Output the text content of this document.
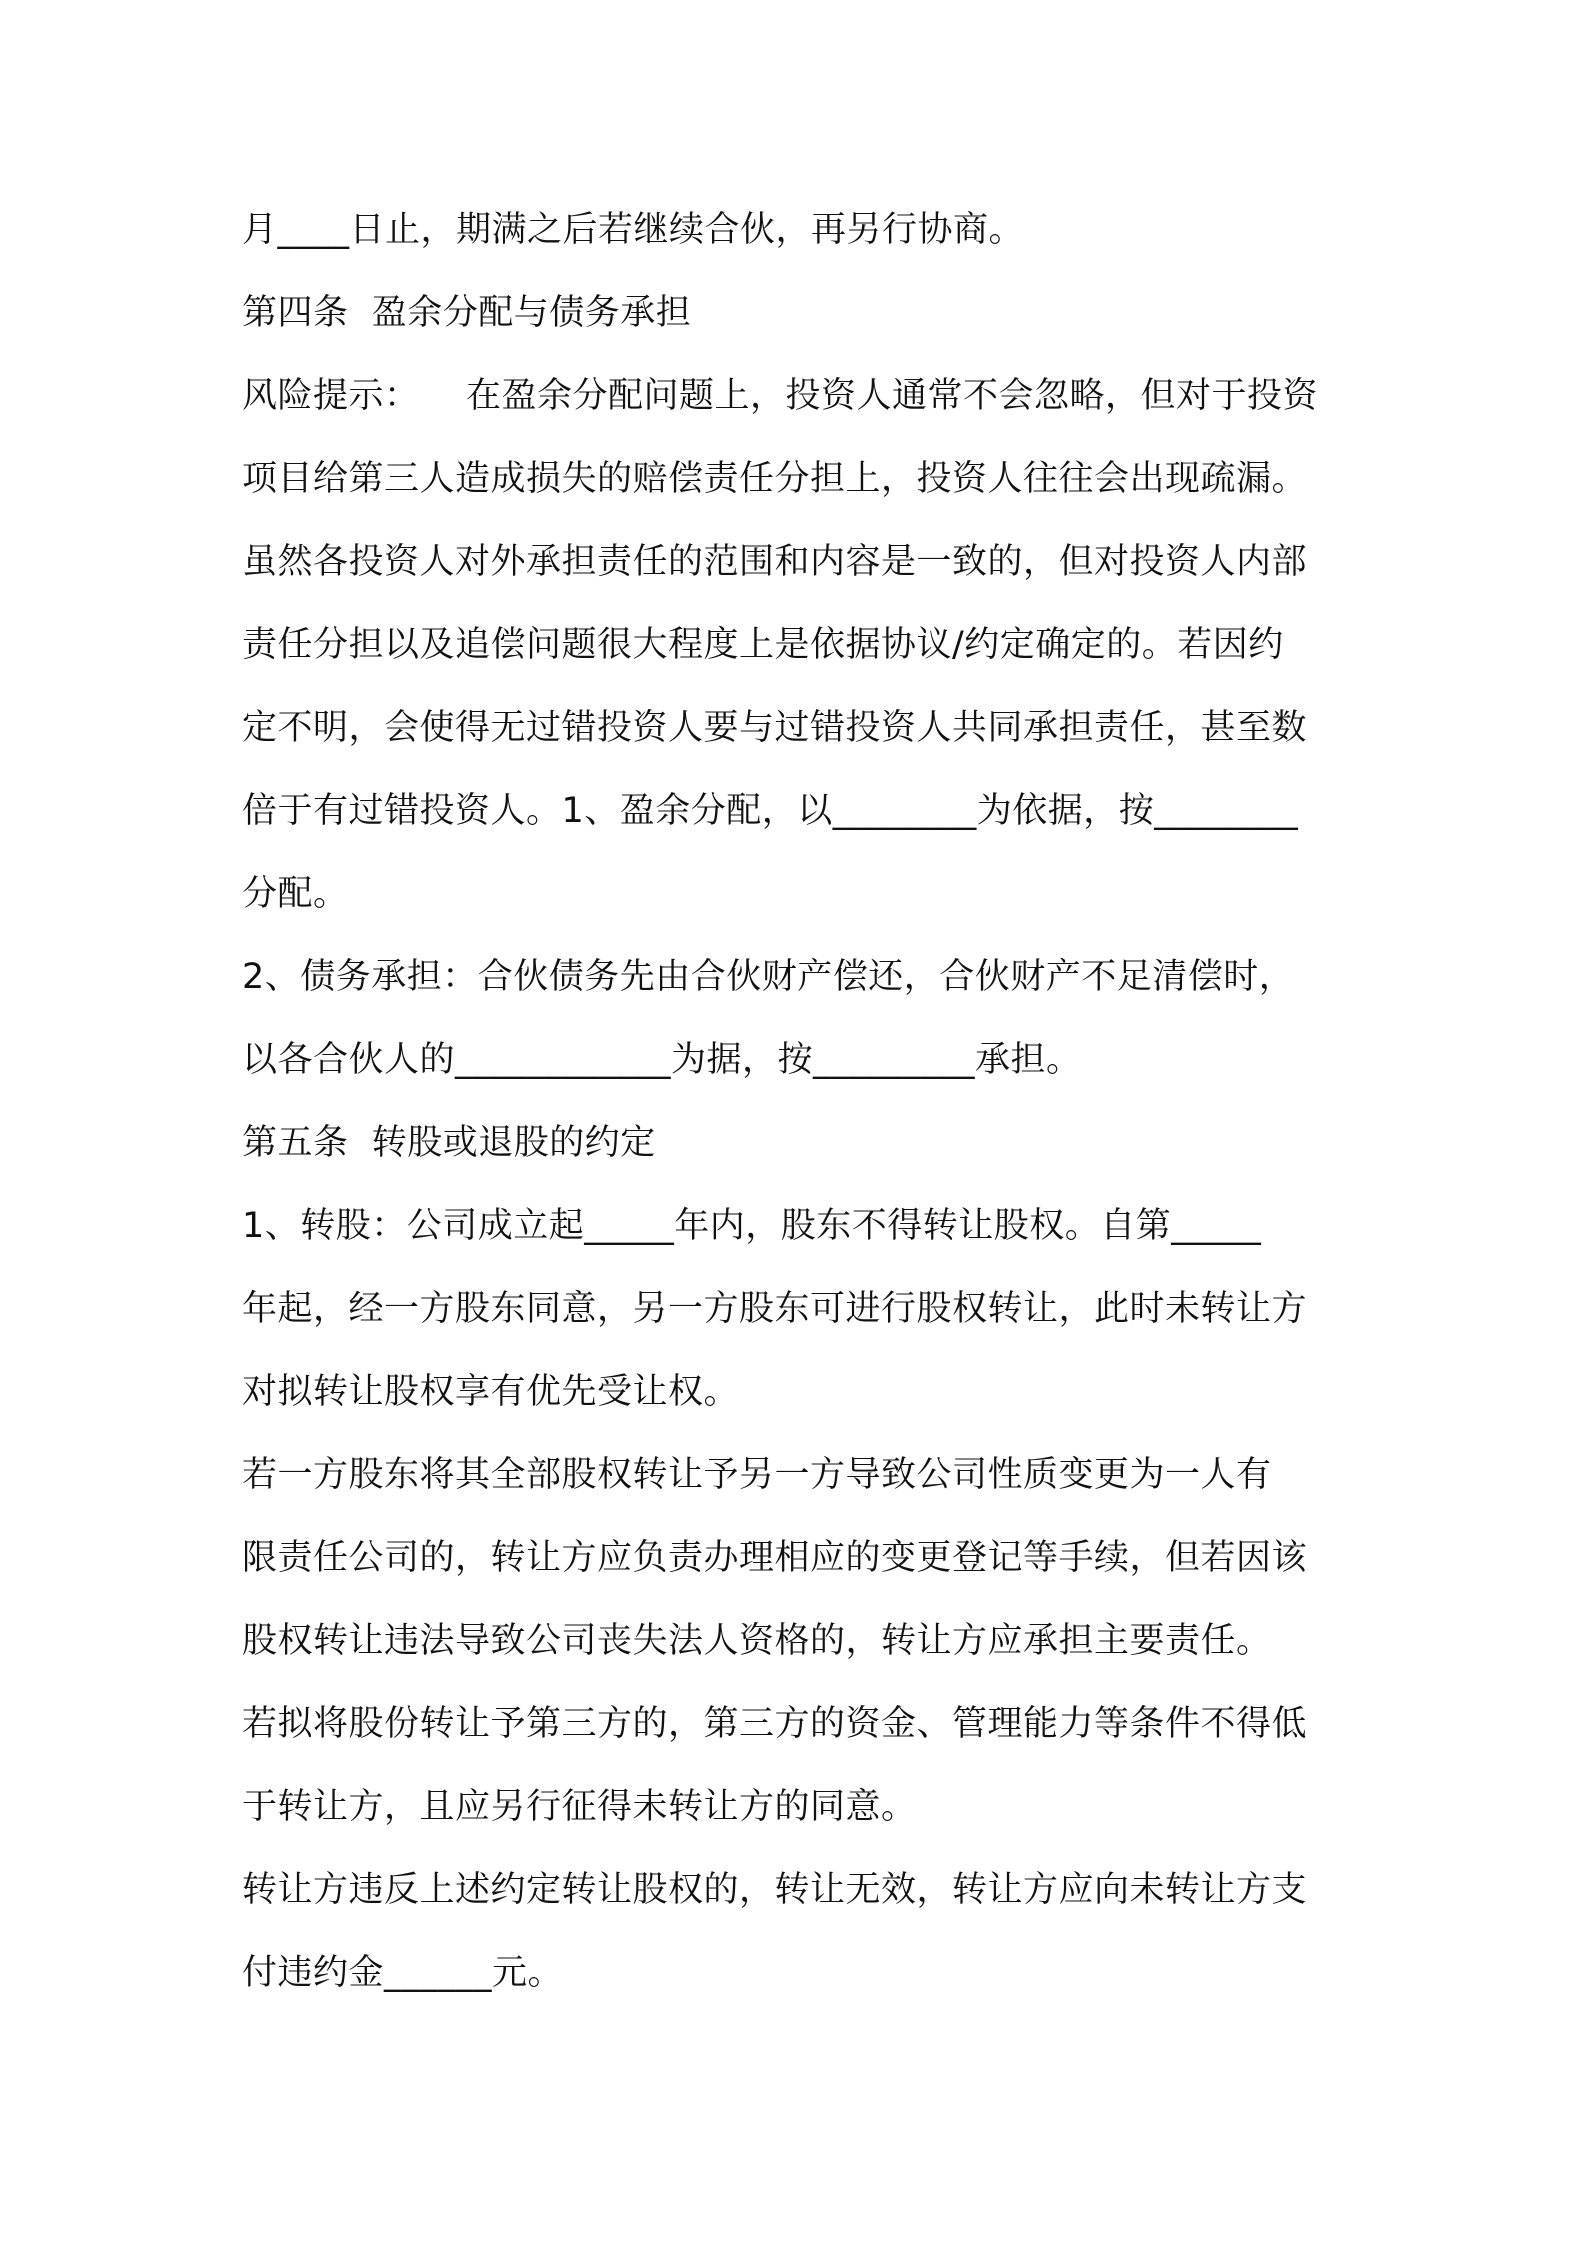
月____日止，期满之后若继续合伙，再另行协商。
第四条  盈余分配与债务承担
风险提示：    在盈余分配问题上，投资人通常不会忽略，但对于投资
项目给第三人造成损失的赔偿责任分担上，投资人往往会出现疏漏。
虽然各投资人对外承担责任的范围和内容是一致的，但对投资人内部
责任分担以及追偿问题很大程度上是依据协议/约定确定的。若因约
定不明，会使得无过错投资人要与过错投资人共同承担责任，甚至数
倍于有过错投资人。1、盈余分配，以________为依据，按________
分配。
2、债务承担：合伙债务先由合伙财产偿还，合伙财产不足清偿时，
以各合伙人的____________为据，按_________承担。
第五条  转股或退股的约定
1、转股：公司成立起_____年内，股东不得转让股权。自第_____
年起，经一方股东同意，另一方股东可进行股权转让，此时未转让方
对拟转让股权享有优先受让权。
若一方股东将其全部股权转让予另一方导致公司性质变更为一人有
限责任公司的，转让方应负责办理相应的变更登记等手续，但若因该
股权转让违法导致公司丧失法人资格的，转让方应承担主要责任。
若拟将股份转让予第三方的，第三方的资金、管理能力等条件不得低
于转让方，且应另行征得未转让方的同意。
转让方违反上述约定转让股权的，转让无效，转让方应向未转让方支
付违约金______元。
